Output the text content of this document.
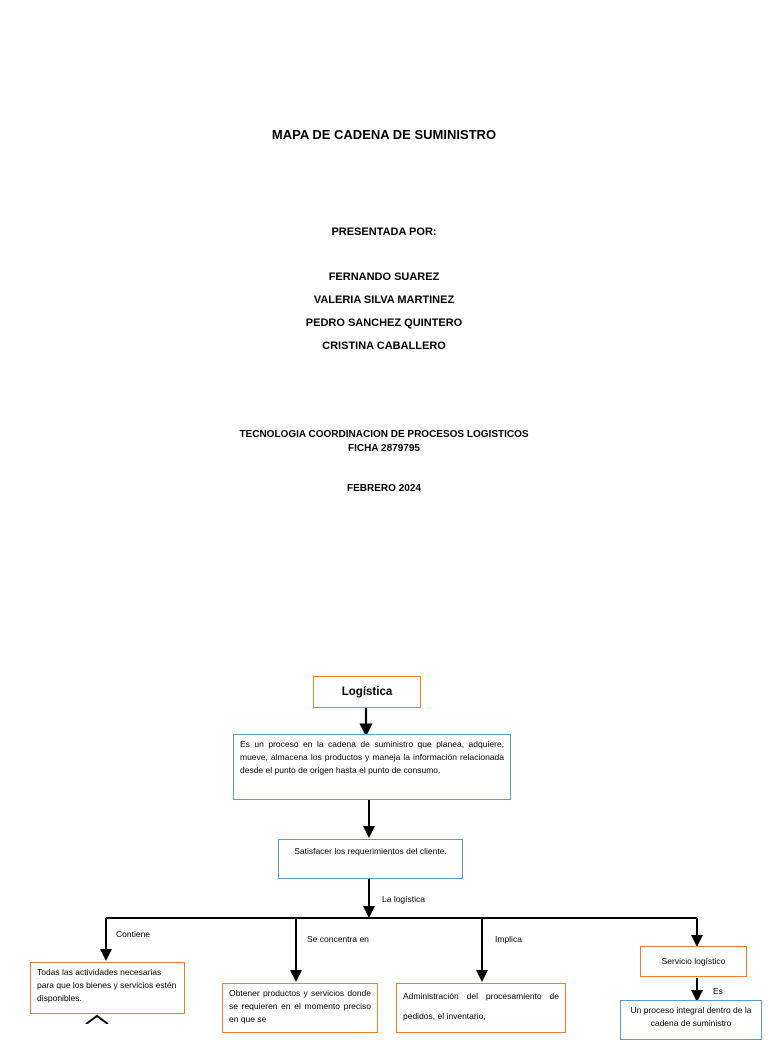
MAPA DE CADENA DE SUMINISTRO
PRESENTADA POR:
FERNANDO SUAREZ
VALERIA SILVA MARTINEZ
PEDRO SANCHEZ QUINTERO
CRISTINA CABALLERO
TECNOLOGIA COORDINACION DE PROCESOS LOGISTICOS
FICHA 2879795
FEBRERO 2024
Logística
Es un proceso en la cadena de suministro que planea, adquiere, mueve, almacena los productos y maneja la información relacionada desde el punto de origen hasta el punto de consumo.
Satisfacer los requerimientos del cliente.
La logística
Contiene	Se concentra en	Implica
Es
Todas las actividades necesarias para que los bienes y servicios estén disponibles.
Obtener productos y servicios donde se requieren en el momento preciso en que se
Administración del procesamiento de pedidos, el inventario,
Servicio logístico
Un proceso integral dentro de la cadena de suministro
